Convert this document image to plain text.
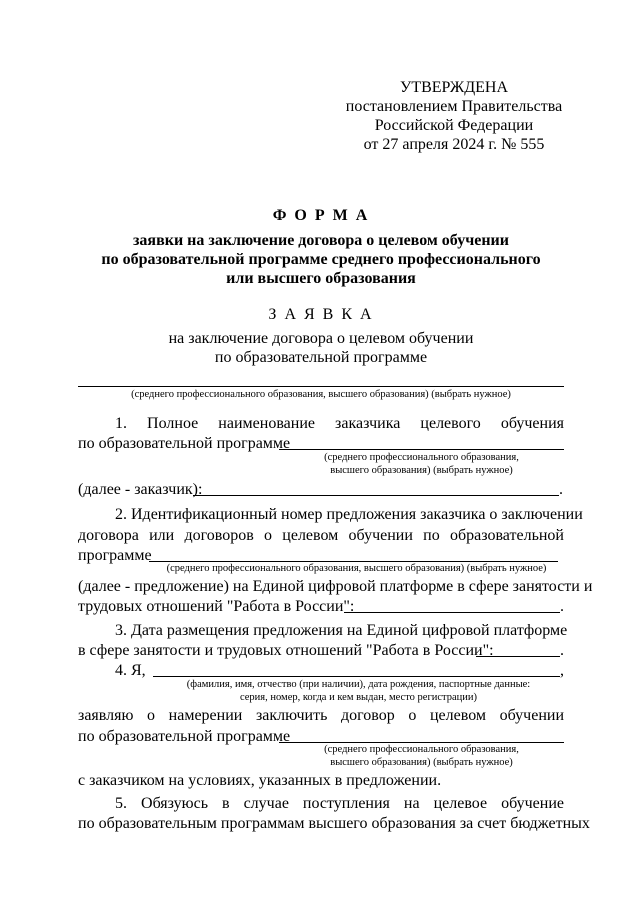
УТВЕРЖДЕНА
постановлением Правительства
Российской Федерации
от 27 апреля 2024 г. № 555
Ф О Р М А
заявки на заключение договора о целевом обучении
по образовательной программе среднего профессионального
или высшего образования
З А Я В К А
на заключение договора о целевом обучении
по образовательной программе
(среднего профессионального образования, высшего образования) (выбрать нужное)
1. Полное наименование заказчика целевого обучения
по образовательной программе
(среднего профессионального образования,
высшего образования) (выбрать нужное)
(далее - заказчик):	.
2. Идентификационный номер предложения заказчика о заключении
договора или договоров о целевом обучении по образовательной
программе
(среднего профессионального образования, высшего образования) (выбрать нужное)
(далее - предложение) на Единой цифровой платформе в сфере занятости и
трудовых отношений "Работа в России":	.
3. Дата размещения предложения на Единой цифровой платформе
в сфере занятости и трудовых отношений "Работа в России":	.
4. Я,	,
(фамилия, имя, отчество (при наличии), дата рождения, паспортные данные:
серия, номер, когда и кем выдан, место регистрации)
заявляю о намерении заключить договор о целевом обучении
по образовательной программе
(среднего профессионального образования,
высшего образования) (выбрать нужное)
с заказчиком на условиях, указанных в предложении.
5. Обязуюсь в случае поступления на целевое обучение
по образовательным программам высшего образования за счет бюджетных
